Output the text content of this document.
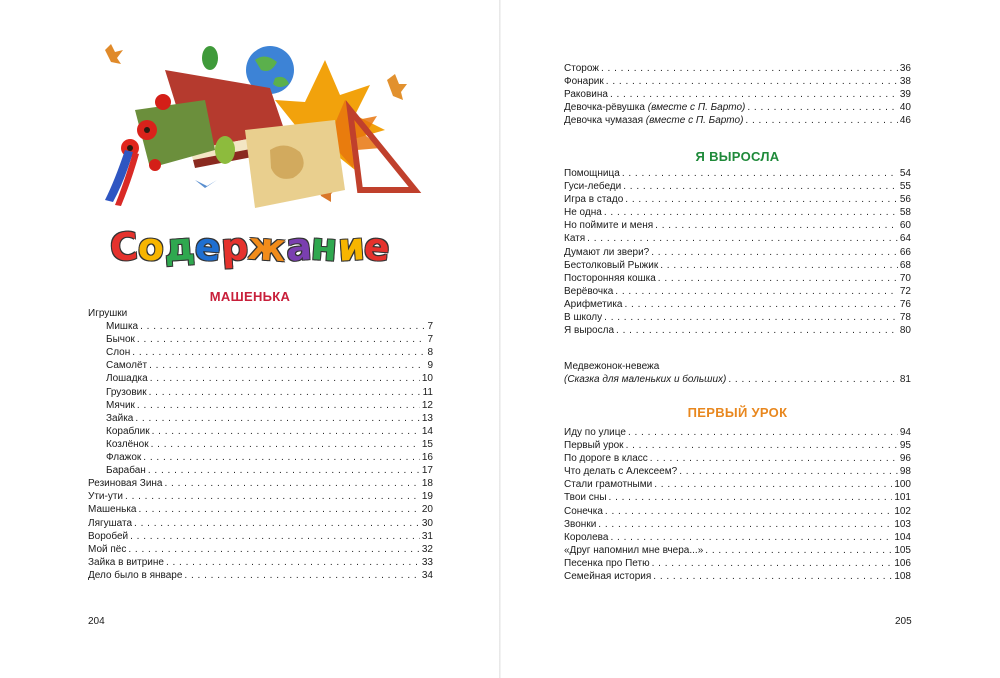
Содержание
МАШЕНЬКА
Игрушки
Мишка . . .	7
Бычок . . .	7
Слон . . .	8
Самолёт . . .	9
Лошадка . . .	10
Грузовик . . .	11
Мячик . . .	12
Зайка . . .	13
Кораблик . . .	14
Козлёнок . . .	15
Флажок . . .	16
Барабан . . .	17
Резиновая Зина . . .	18
Ути-ути . . .	19
Машенька . . .	20
Лягушата . . .	30
Воробей . . .	31
Мой пёс . . .	32
Зайка в витрине . . .	33
Дело было в январе . . .	34
204
Сторож . . .	36
Фонарик . . .	38
Раковина . . .	39
Девочка-рёвушка (вместе с П. Барто) . . .	40
Девочка чумазая (вместе с П. Барто) . . .	46
Я ВЫРОСЛА
Помощница . . .	54
Гуси-лебеди . . .	55
Игра в стадо . . .	56
Не одна . . .	58
Но поймите и меня . . .	60
Катя . . .	64
Думают ли звери? . . .	66
Бестолковый Рыжик . . .	68
Посторонняя кошка . . .	70
Верёвочка . . .	72
Арифметика . . .	76
В школу . . .	78
Я выросла . . .	80
Медвежонок-невежа
(Сказка для маленьких и больших) . . .	81
ПЕРВЫЙ УРОК
Иду по улице . . .	94
Первый урок . . .	95
По дороге в класс . . .	96
Что делать с Алексеем? . . .	98
Стали грамотными . . .	100
Твои сны . . .	101
Сонечка . . .	102
Звонки . . .	103
Королева . . .	104
«Друг напомнил мне вчера...» . . .	105
Песенка про Петю . . .	106
Семейная история . . .	108
205
